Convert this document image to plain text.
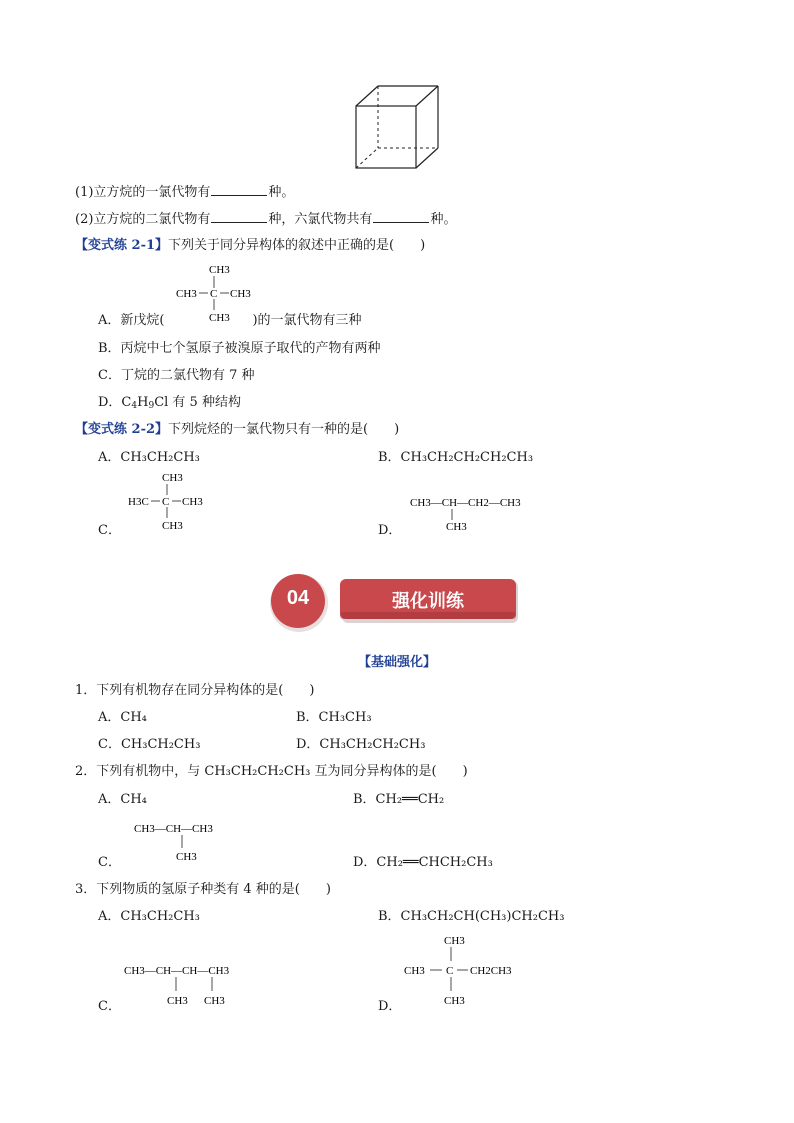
(1)立方烷的一氯代物有	种。
(2)立方烷的二氯代物有	种，六氯代物共有	种。
【变式练 2-1】下列关于同分异构体的叙述中正确的是(　　)
CH3
CH3 C CH3
CH3
A．新戊烷(	)的一氯代物有三种
B．丙烷中七个氢原子被溴原子取代的产物有两种
C．丁烷的二氯代物有 7 种
D．$C_4H_9Cl$ 有 5 种结构
【变式练 2-2】下列烷烃的一氯代物只有一种的是(　　)
A．CH₃CH₂CH₃	B．CH₃CH₂CH₂CH₂CH₃
C．
CH3
H3C C CH3
CH3	D．
CH3—CH—CH2—CH3
CH3
04	强化训练
【基础强化】
1．下列有机物存在同分异构体的是(　　)
A．CH₄	B．CH₃CH₃
C．CH₃CH₂CH₃	D．CH₃CH₂CH₂CH₃
2．下列有机物中，与 CH₃CH₂CH₂CH₃ 互为同分异构体的是(　　)
A．CH₄	B．CH₂══CH₂
C．
CH3—CH—CH3
CH3	D．CH₂══CHCH₂CH₃
3．下列物质的氢原子种类有 4 种的是(　　)
A．CH₃CH₂CH₃	B．CH₃CH₂CH(CH₃)CH₂CH₃
C．
CH3—CH—CH—CH3
CH3 CH3	D．
CH3
CH3 C CH2CH3
CH3
